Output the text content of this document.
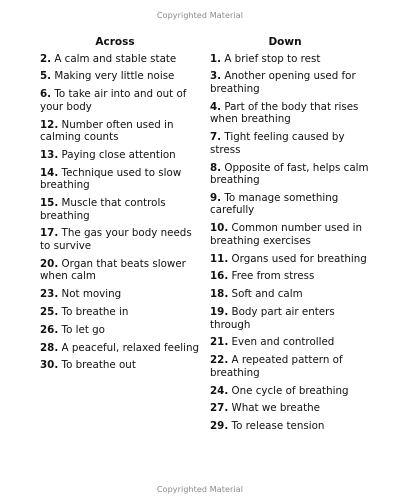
Copyrighted Material
Across
2. A calm and stable state
5. Making very little noise
6. To take air into and out of your body
12. Number often used in calming counts
13. Paying close attention
14. Technique used to slow breathing
15. Muscle that controls breathing
17. The gas your body needs to survive
20. Organ that beats slower when calm
23. Not moving
25. To breathe in
26. To let go
28. A peaceful, relaxed feeling
30. To breathe out
Down
1. A brief stop to rest
3. Another opening used for breathing
4. Part of the body that rises when breathing
7. Tight feeling caused by stress
8. Opposite of fast, helps calm breathing
9. To manage something carefully
10. Common number used in breathing exercises
11. Organs used for breathing
16. Free from stress
18. Soft and calm
19. Body part air enters through
21. Even and controlled
22. A repeated pattern of breathing
24. One cycle of breathing
27. What we breathe
29. To release tension
Copyrighted Material
